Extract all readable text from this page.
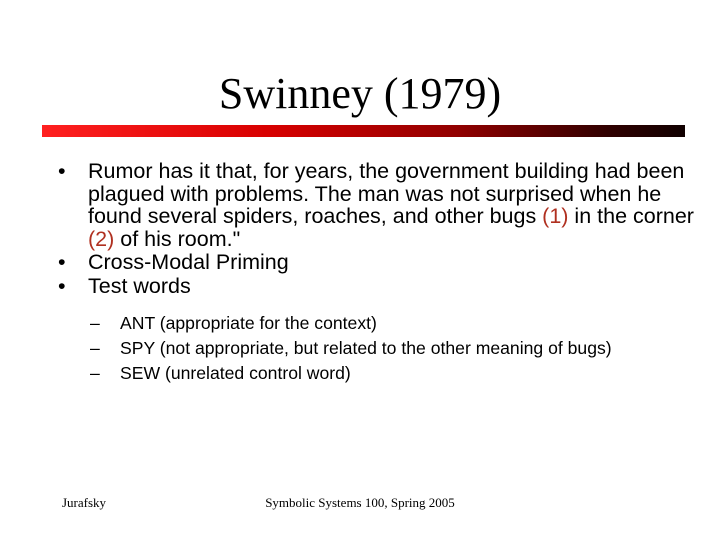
Swinney (1979)
• Rumor has it that, for years, the government building had been plagued with problems. The man was not surprised when he found several spiders, roaches, and other bugs (1) in the corner (2) of his room."
• Cross-Modal Priming
• Test words
– ANT (appropriate for the context)
– SPY (not appropriate, but related to the other meaning of bugs)
– SEW (unrelated control word)
Jurafsky	Symbolic Systems 100, Spring 2005
